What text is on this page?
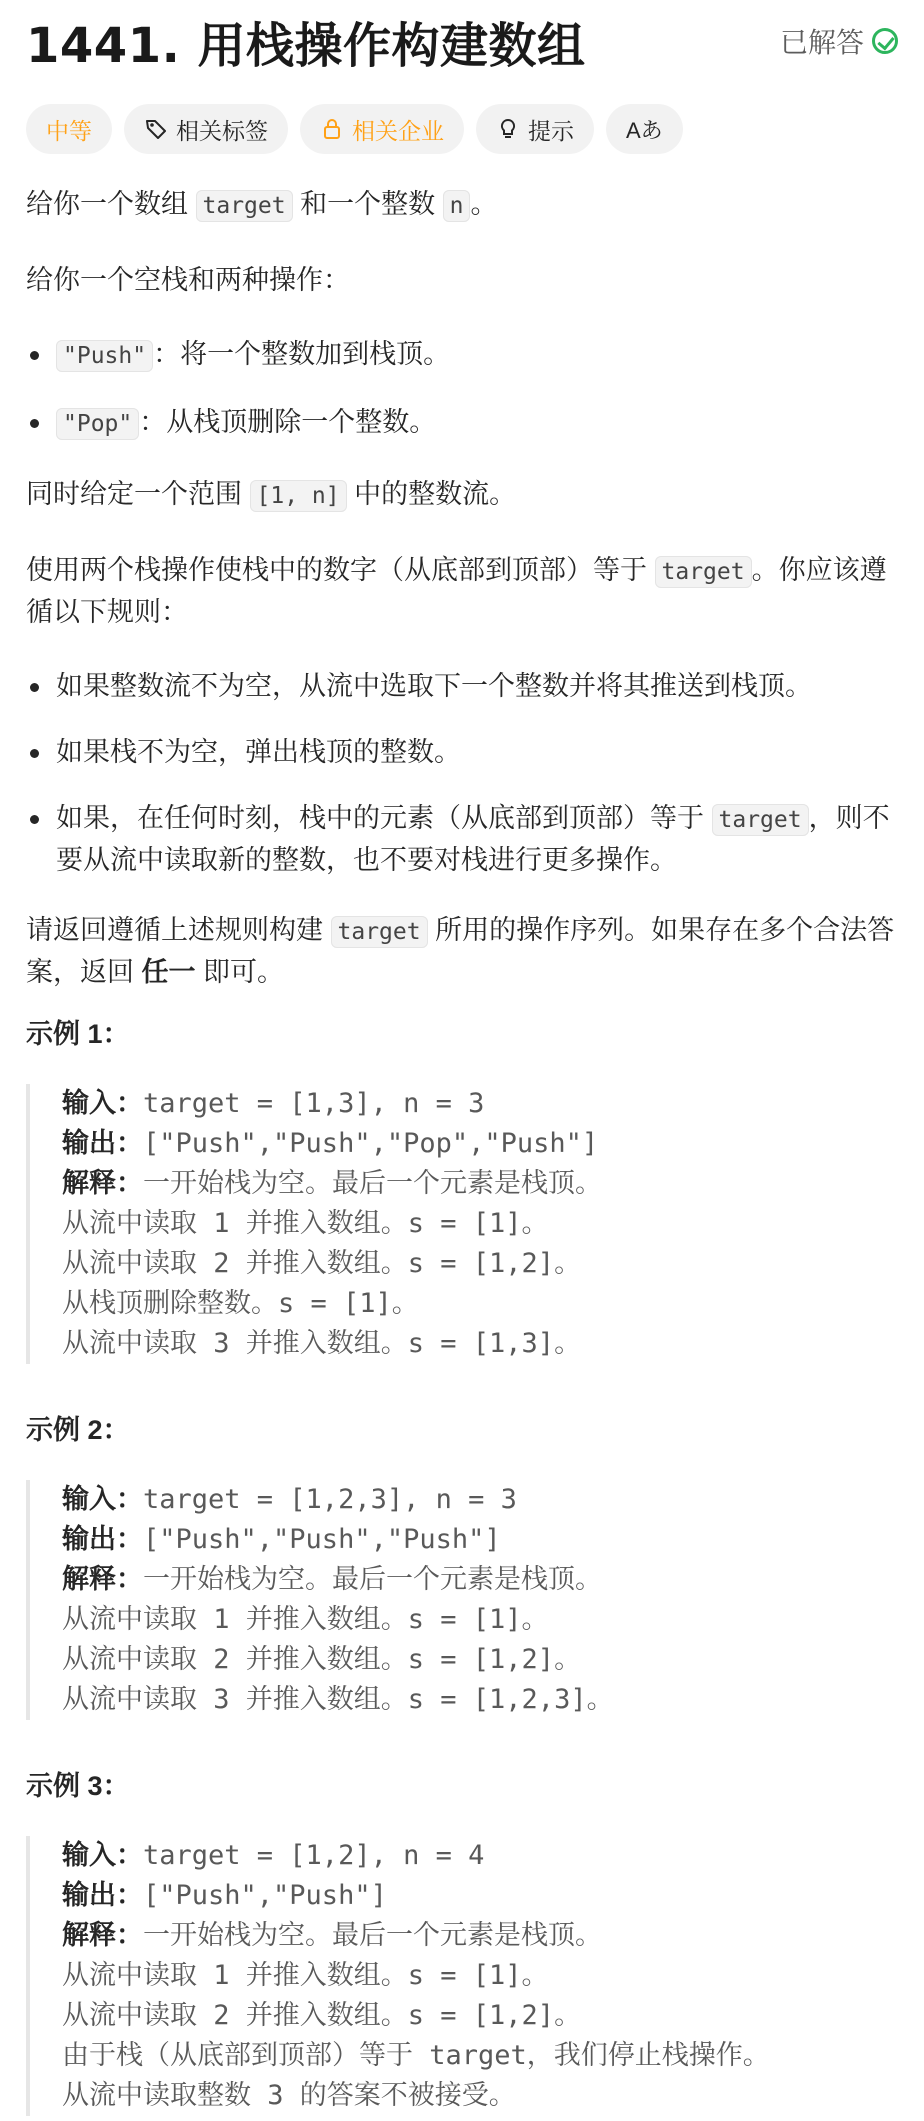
1441. 用栈操作构建数组	已解答
中等	相关标签	相关企业	提示 Aあ
给你一个数组 target 和一个整数 n 。
给你一个空栈和两种操作：
"Push" ：将一个整数加到栈顶。
"Pop" ：从栈顶删除一个整数。
同时给定一个范围 [1, n] 中的整数流。
使用两个栈操作使栈中的数字（从底部到顶部）等于 target 。你应该遵循以下规则：
如果整数流不为空，从流中选取下一个整数并将其推送到栈顶。
如果栈不为空，弹出栈顶的整数。
如果，在任何时刻，栈中的元素（从底部到顶部）等于 target ，则不要从流中读取新的整数，也不要对栈进行更多操作。
请返回遵循上述规则构建 target 所用的操作序列。如果存在多个合法答案，返回 任一 即可。
示例 1：
输入：target = [1,3], n = 3
输出：["Push","Push","Pop","Push"]
解释：一开始栈为空。最后一个元素是栈顶。
从流中读取 1 并推入数组。s = [1]。
从流中读取 2 并推入数组。s = [1,2]。
从栈顶删除整数。s = [1]。
从流中读取 3 并推入数组。s = [1,3]。
示例 2：
输入：target = [1,2,3], n = 3
输出：["Push","Push","Push"]
解释：一开始栈为空。最后一个元素是栈顶。
从流中读取 1 并推入数组。s = [1]。
从流中读取 2 并推入数组。s = [1,2]。
从流中读取 3 并推入数组。s = [1,2,3]。
示例 3：
输入：target = [1,2], n = 4
输出：["Push","Push"]
解释：一开始栈为空。最后一个元素是栈顶。
从流中读取 1 并推入数组。s = [1]。
从流中读取 2 并推入数组。s = [1,2]。
由于栈（从底部到顶部）等于 target，我们停止栈操作。
从流中读取整数 3 的答案不被接受。
